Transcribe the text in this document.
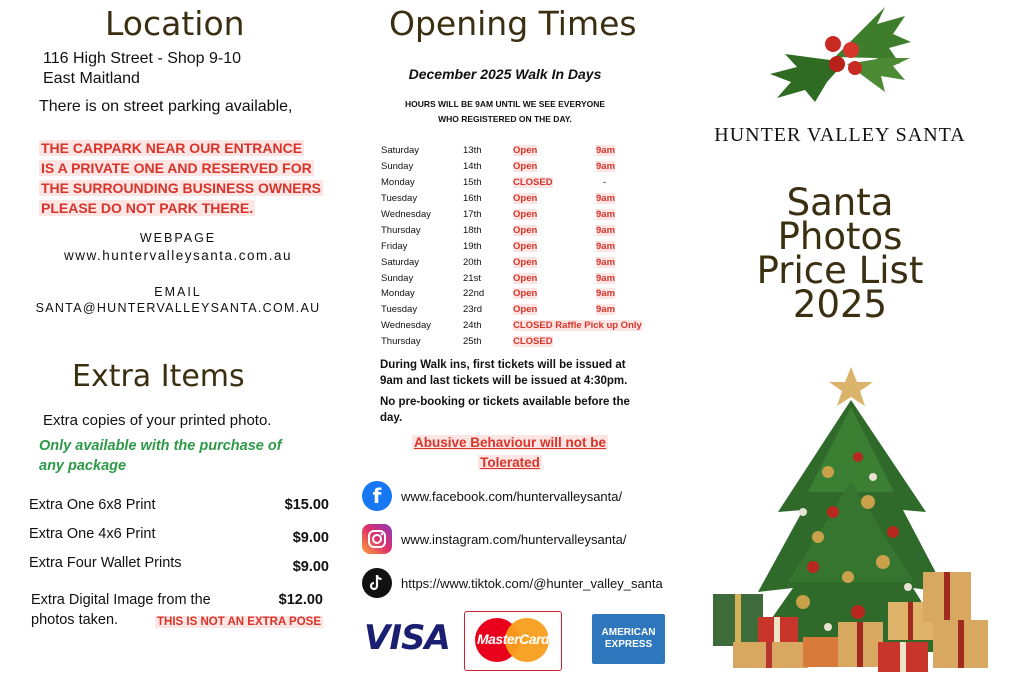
Location
116 High Street - Shop 9-10
East Maitland
There is on street parking available,
THE CARPARK NEAR OUR ENTRANCE
IS A PRIVATE ONE AND RESERVED FOR
THE SURROUNDING BUSINESS OWNERS
PLEASE DO NOT PARK THERE.
WEBPAGE
www.huntervalleysanta.com.au
EMAIL
SANTA@HUNTERVALLEYSANTA.COM.AU
Extra Items
Extra copies of your printed photo.
Only available with the purchase of
any package
Extra One 6x8 Print	$15.00
Extra One 4x6 Print	$9.00
Extra Four Wallet Prints	$9.00
Extra Digital Image from the
photos taken.
$12.00
THIS IS NOT AN EXTRA POSE
Opening Times
December 2025 Walk In Days
HOURS WILL BE 9AM UNTIL WE SEE EVERYONE
WHO REGISTERED ON THE DAY.
Saturday	13th	Open	9am
Sunday	14th	Open	9am
Monday	15th	CLOSED	-
Tuesday	16th	Open	9am
Wednesday	17th	Open	9am
Thursday	18th	Open	9am
Friday	19th	Open	9am
Saturday	20th	Open	9am
Sunday	21st	Open	9am
Monday	22nd	Open	9am
Tuesday	23rd	Open	9am
Wednesday	24th	CLOSED Raffle Pick up Only	
Thursday	25th	CLOSED	
During Walk ins, first tickets will be issued at
9am and last tickets will be issued at 4:30pm.
No pre-booking or tickets available before the
day.
Abusive Behaviour will not be
Tolerated
f	www.facebook.com/huntervalleysanta/
www.instagram.com/huntervalleysanta/
https://www.tiktok.com/@hunter_valley_santa
VISA	MasterCard	AMERICAN
EXPRESS
HUNTER VALLEY SANTA
Santa
Photos
Price List
2025
